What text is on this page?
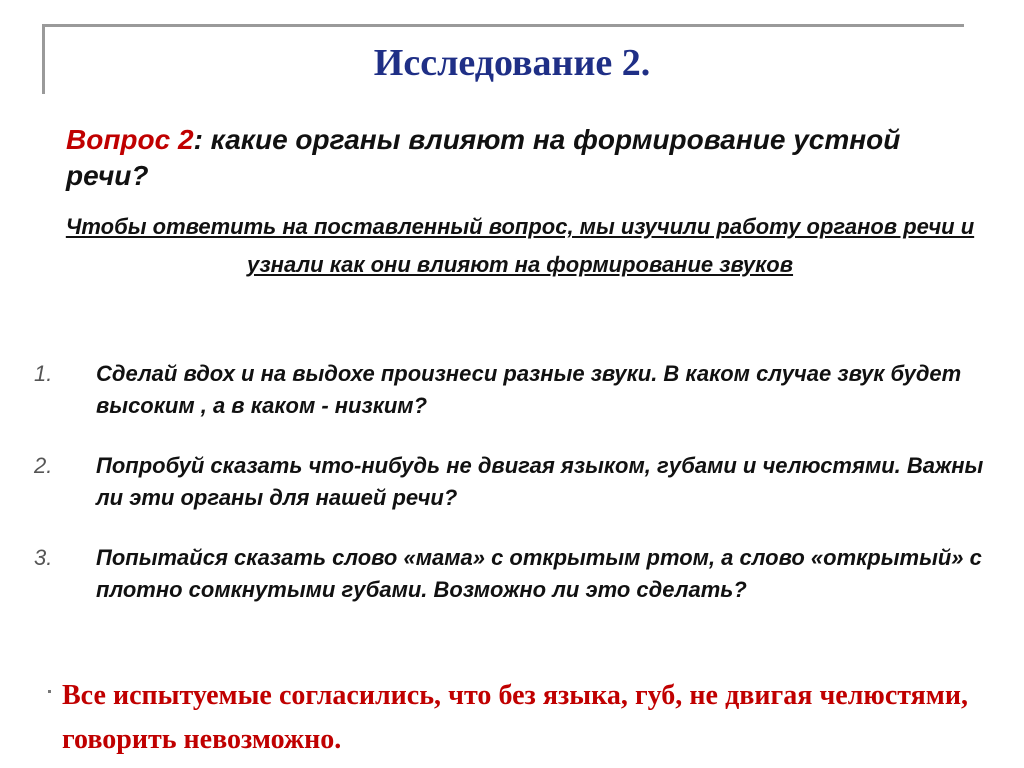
Исследование 2.
Вопрос 2: какие органы влияют на формирование устной речи?
Чтобы ответить на поставленный вопрос, мы изучили работу органов речи и узнали как они влияют на формирование звуков
1. Сделай вдох и на выдохе произнеси разные звуки. В каком случае звук будет высоким , а в каком - низким?
2. Попробуй сказать что-нибудь не двигая языком, губами и челюстями. Важны ли эти органы для нашей речи?
3. Попытайся сказать слово «мама» с открытым ртом, а слово «открытый» с плотно сомкнутыми губами. Возможно ли это сделать?
Все испытуемые согласились, что без языка, губ, не двигая челюстями, говорить невозможно.
